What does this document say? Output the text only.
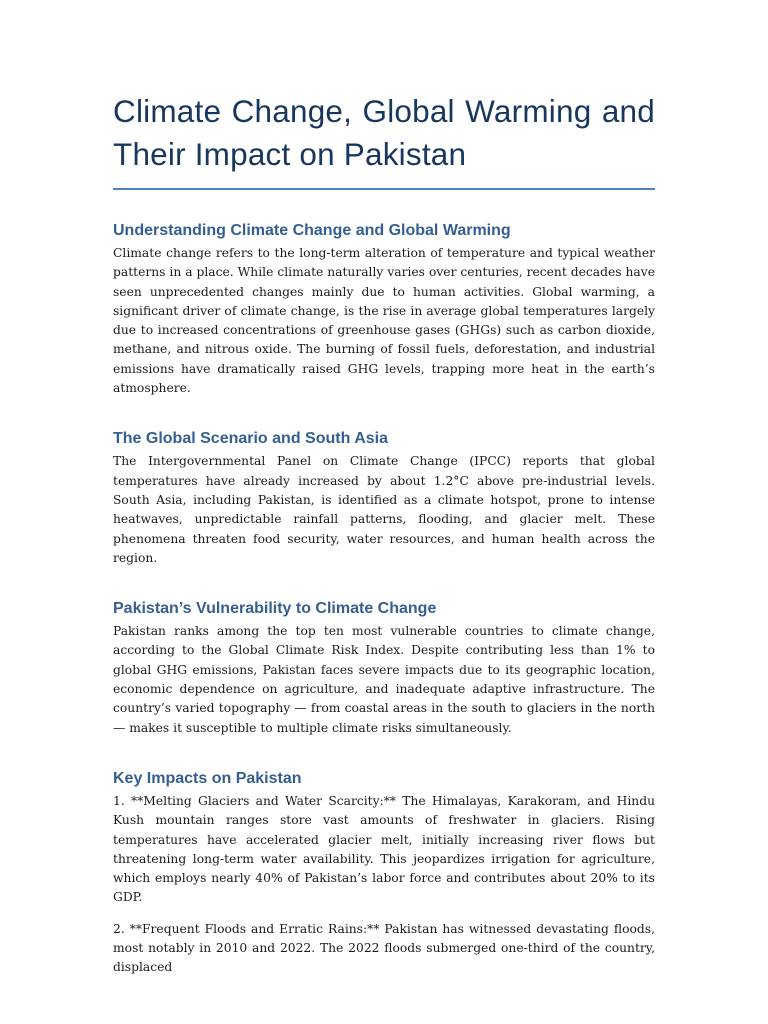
Climate Change, Global Warming and Their Impact on Pakistan
Understanding Climate Change and Global Warming

Climate change refers to the long-term alteration of temperature and typical weather patterns in a place. While climate naturally varies over centuries, recent decades have seen unprecedented changes mainly due to human activities. Global warming, a significant driver of climate change, is the rise in average global temperatures largely due to increased concentrations of greenhouse gases (GHGs) such as carbon dioxide, methane, and nitrous oxide. The burning of fossil fuels, deforestation, and industrial emissions have dramatically raised GHG levels, trapping more heat in the earth’s atmosphere.

The Global Scenario and South Asia

The Intergovernmental Panel on Climate Change (IPCC) reports that global temperatures have already increased by about 1.2°C above pre-industrial levels. South Asia, including Pakistan, is identified as a climate hotspot, prone to intense heatwaves, unpredictable rainfall patterns, flooding, and glacier melt. These phenomena threaten food security, water resources, and human health across the region.

Pakistan’s Vulnerability to Climate Change

Pakistan ranks among the top ten most vulnerable countries to climate change, according to the Global Climate Risk Index. Despite contributing less than 1% to global GHG emissions, Pakistan faces severe impacts due to its geographic location, economic dependence on agriculture, and inadequate adaptive infrastructure. The country’s varied topography — from coastal areas in the south to glaciers in the north — makes it susceptible to multiple climate risks simultaneously.

Key Impacts on Pakistan

1. **Melting Glaciers and Water Scarcity:** The Himalayas, Karakoram, and Hindu Kush mountain ranges store vast amounts of freshwater in glaciers. Rising temperatures have accelerated glacier melt, initially increasing river flows but threatening long-term water availability. This jeopardizes irrigation for agriculture, which employs nearly 40% of Pakistan’s labor force and contributes about 20% to its GDP.

2. **Frequent Floods and Erratic Rains:** Pakistan has witnessed devastating floods, most notably in 2010 and 2022. The 2022 floods submerged one-third of the country, displaced
